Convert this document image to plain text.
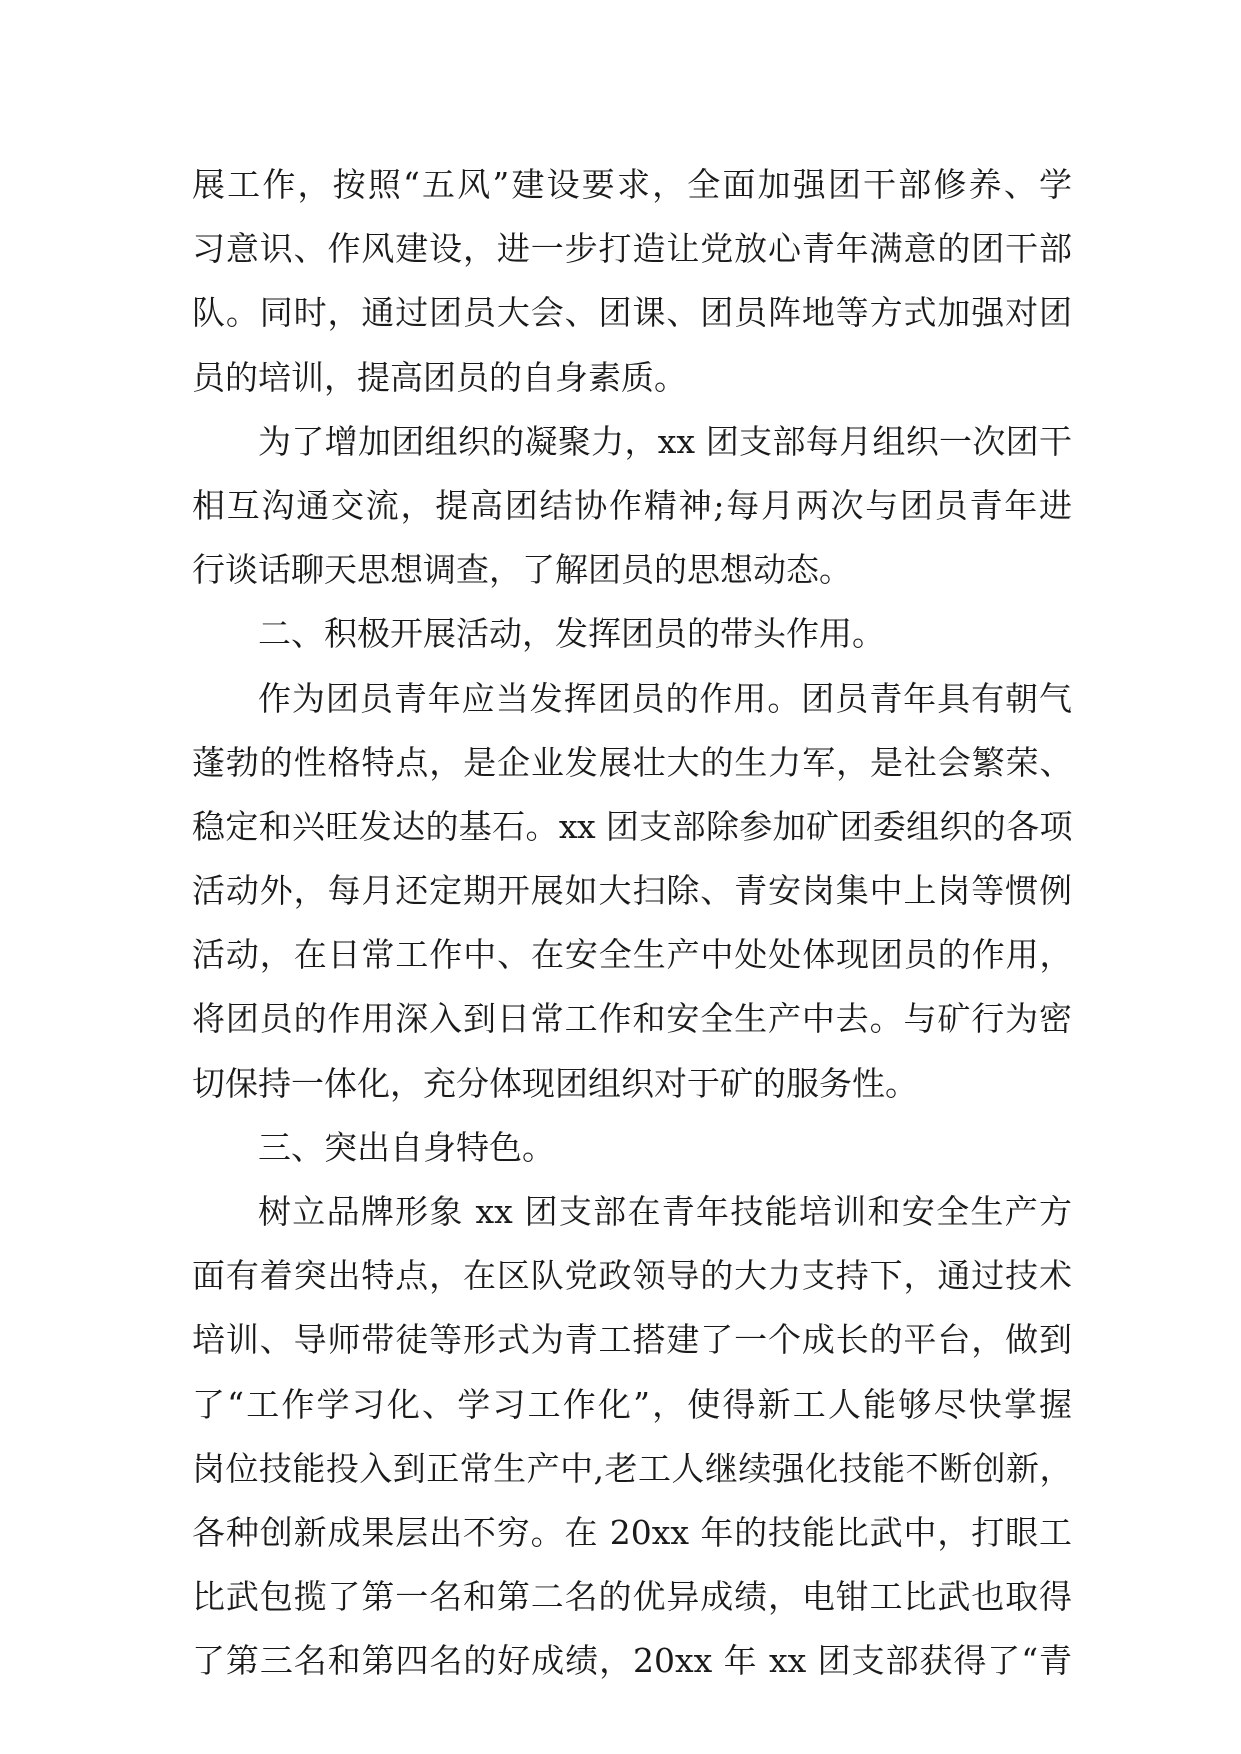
展工作，按照“五风”建设要求，全面加强团干部修养、学
习意识、作风建设，进一步打造让党放心青年满意的团干部
队。同时，通过团员大会、团课、团员阵地等方式加强对团
员的培训，提高团员的自身素质。
为了增加团组织的凝聚力，xx 团支部每月组织一次团干
相互沟通交流，提高团结协作精神;每月两次与团员青年进
行谈话聊天思想调查，了解团员的思想动态。
二、积极开展活动，发挥团员的带头作用。
作为团员青年应当发挥团员的作用。团员青年具有朝气
蓬勃的性格特点，是企业发展壮大的生力军，是社会繁荣、
稳定和兴旺发达的基石。xx 团支部除参加矿团委组织的各项
活动外，每月还定期开展如大扫除、青安岗集中上岗等惯例
活动，在日常工作中、在安全生产中处处体现团员的作用，
将团员的作用深入到日常工作和安全生产中去。与矿行为密
切保持一体化，充分体现团组织对于矿的服务性。
三、突出自身特色。
树立品牌形象 xx 团支部在青年技能培训和安全生产方
面有着突出特点，在区队党政领导的大力支持下，通过技术
培训、导师带徒等形式为青工搭建了一个成长的平台，做到
了“工作学习化、学习工作化”，使得新工人能够尽快掌握
岗位技能投入到正常生产中,老工人继续强化技能不断创新，
各种创新成果层出不穷。在 20xx 年的技能比武中，打眼工
比武包揽了第一名和第二名的优异成绩，电钳工比武也取得
了第三名和第四名的好成绩，20xx 年 xx 团支部获得了“青
